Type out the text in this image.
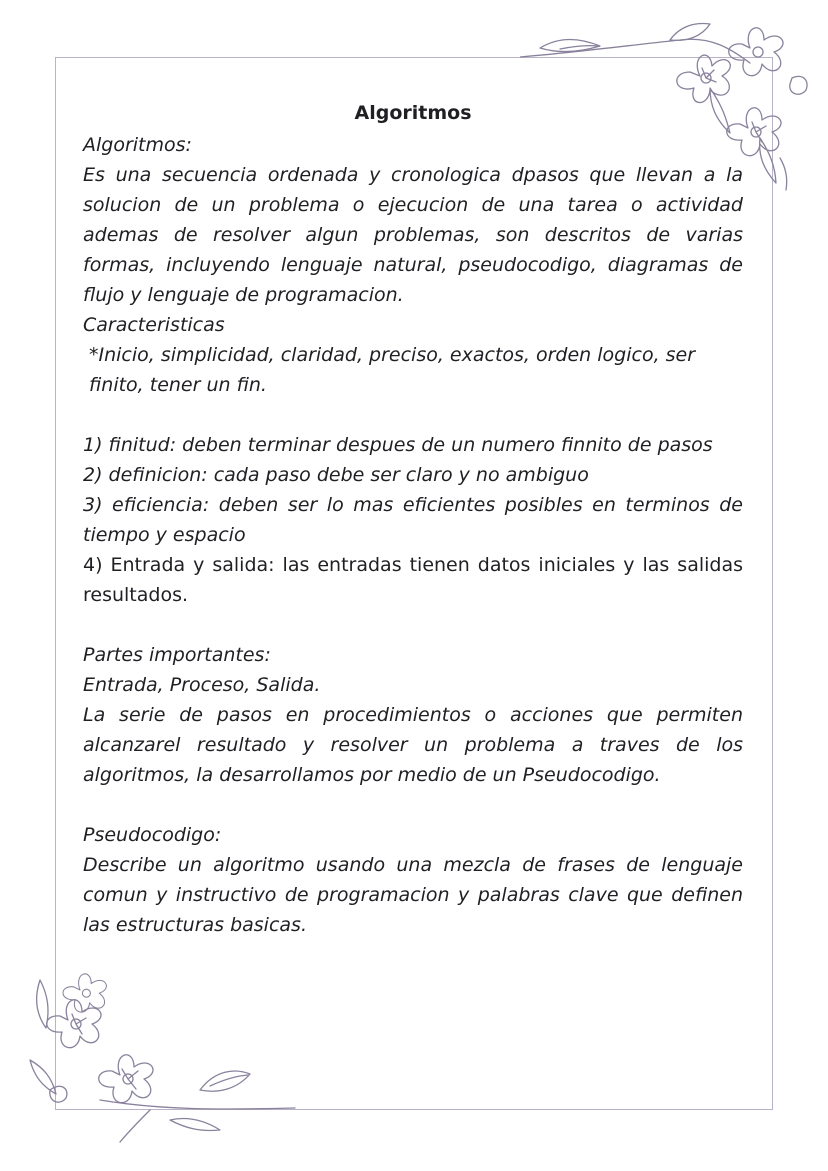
Algoritmos

Algoritmos:

Es una secuencia ordenada y cronologica dpasos que llevan a la solucion de un problema o ejecucion de una tarea o actividad ademas de resolver algun problemas, son descritos de varias formas, incluyendo lenguaje natural, pseudocodigo, diagramas de flujo y lenguaje de programacion.

Caracteristicas

*Inicio, simplicidad, claridad, preciso, exactos, orden logico, ser

finito, tener un fin.

1) finitud: deben terminar despues de un numero finnito de pasos

2) definicion: cada paso debe ser claro y no ambiguo

3) eficiencia: deben ser lo mas eficientes posibles en terminos de tiempo y espacio

4) Entrada y salida: las entradas tienen datos iniciales y las salidas resultados.

Partes importantes:

Entrada, Proceso, Salida.

La serie de pasos en procedimientos o acciones que permiten alcanzarel resultado y resolver un problema a traves de los algoritmos, la desarrollamos por medio de un Pseudocodigo.

Pseudocodigo:

Describe un algoritmo usando una mezcla de frases de lenguaje comun y instructivo de programacion y palabras clave que definen las estructuras basicas.
